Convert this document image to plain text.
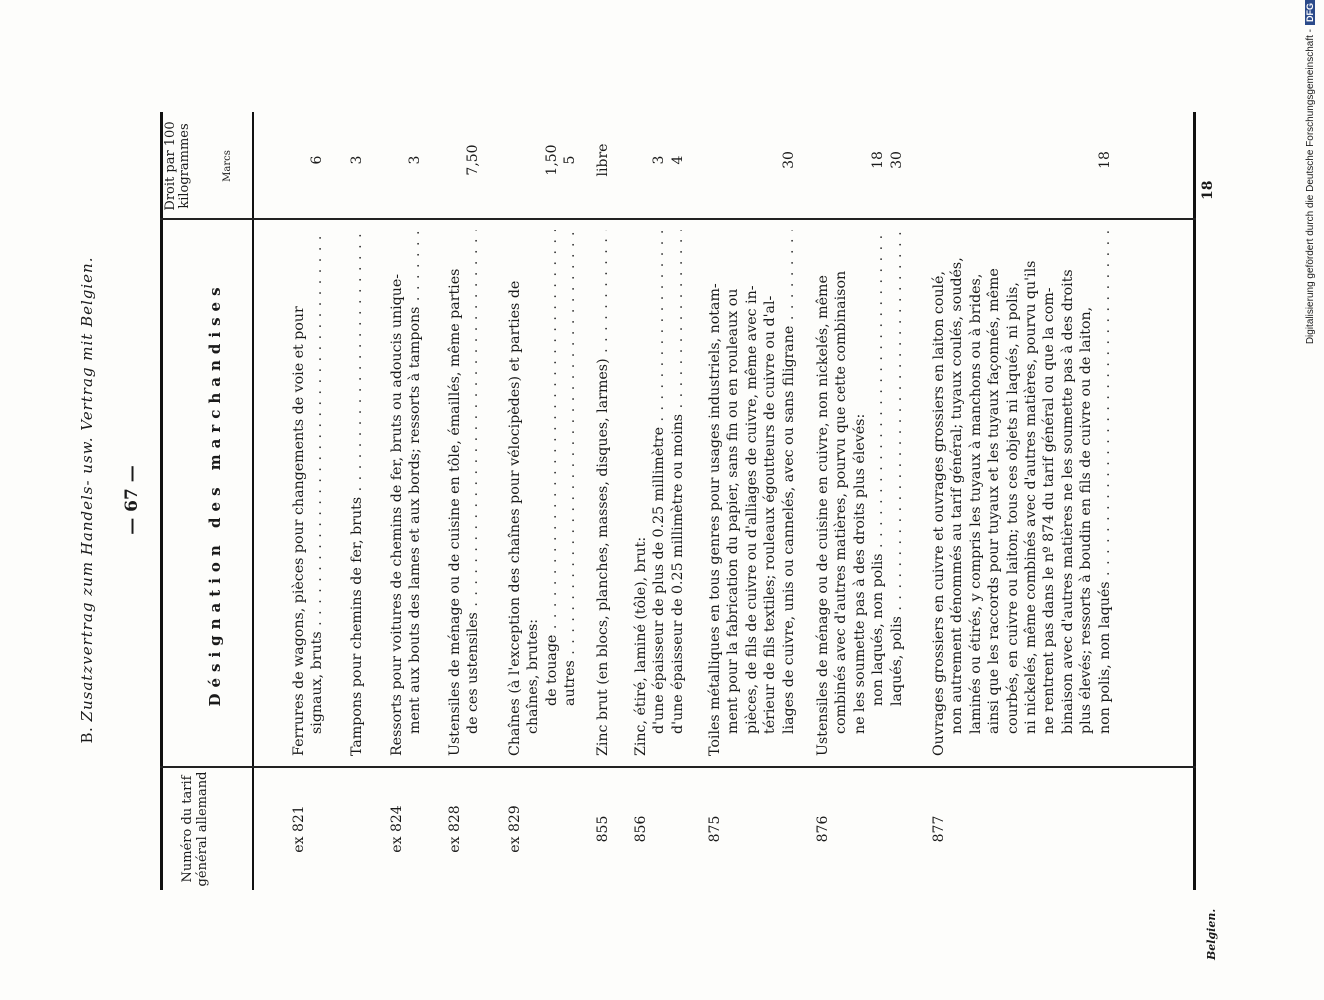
B. Zusatzvertrag zum Handels- usw. Vertrag mit Belgien. — 67 —
Numéro du tarif général allemand
Désignation des marchandises
Droit par 100 kilogrammes	Marcs
ex 821
Ferrures de wagons, pièces pour changements de voie et pour signaux, bruts . . .

6
Tampons pour chemins de fer, bruts . . .
3
ex 824
Ressorts pour voitures de chemins de fer, bruts ou adoucis unique- ment aux bouts des lames et aux bords; ressorts à tampons . . .

3
ex 828
Ustensiles de ménage ou de cuisine en tôle, émaillés, même parties de ces ustensiles . . .

7,50
ex 829
Chaînes (à l'exception des chaînes pour vélocipèdes) et parties de chaînes, brutes: de touage . . . autres . . .

1,50 5
855
Zinc brut (en blocs, planches, masses, disques, larmes) . . .
libre
856
Zinc, étiré, laminé (tôle), brut: d'une épaisseur de plus de 0.25 millimètre . . . d'une épaisseur de 0.25 millimètre ou moins . . .

3 4
875
Toiles métalliques en tous genres pour usages industriels, notam- ment pour la fabrication du papier, sans fin ou en rouleaux ou pièces, de fils de cuivre ou d'alliages de cuivre, même avec in- térieur de fils textiles; rouleaux égoutteurs de cuivre ou d'al- liages de cuivre, unis ou cannelés, avec ou sans filigrane . . .

30
876
Ustensiles de ménage ou de cuisine en cuivre, non nickelés, même combinés avec d'autres matières, pourvu que cette combinaison ne les soumette pas à des droits plus élevés: non laqués, non polis . . . laqués, polis . . .

18 30
877
Ouvrages grossiers en cuivre et ouvrages grossiers en laiton coulé, non autrement dénommés au tarif général; tuyaux coulés, soudés, laminés ou étirés, y compris les tuyaux à manchons ou à brides, ainsi que les raccords pour tuyaux et les tuyaux façonnés, même courbés, en cuivre ou laiton; tous ces objets ni laqués, ni polis, ni nickelés, même combinés avec d'autres matières, pourvu qu'ils ne rentrent pas dans le nº 874 du tarif général ou que la com- binaison avec d'autres matières ne les soumette pas à des droits plus élevés; ressorts à boudin en fils de cuivre ou de laiton, non polis, non laqués . . .

18
Belgien.
18	Digitalisierung gefördert durch die Deutsche Forschungsgemeinschaft -DFG
